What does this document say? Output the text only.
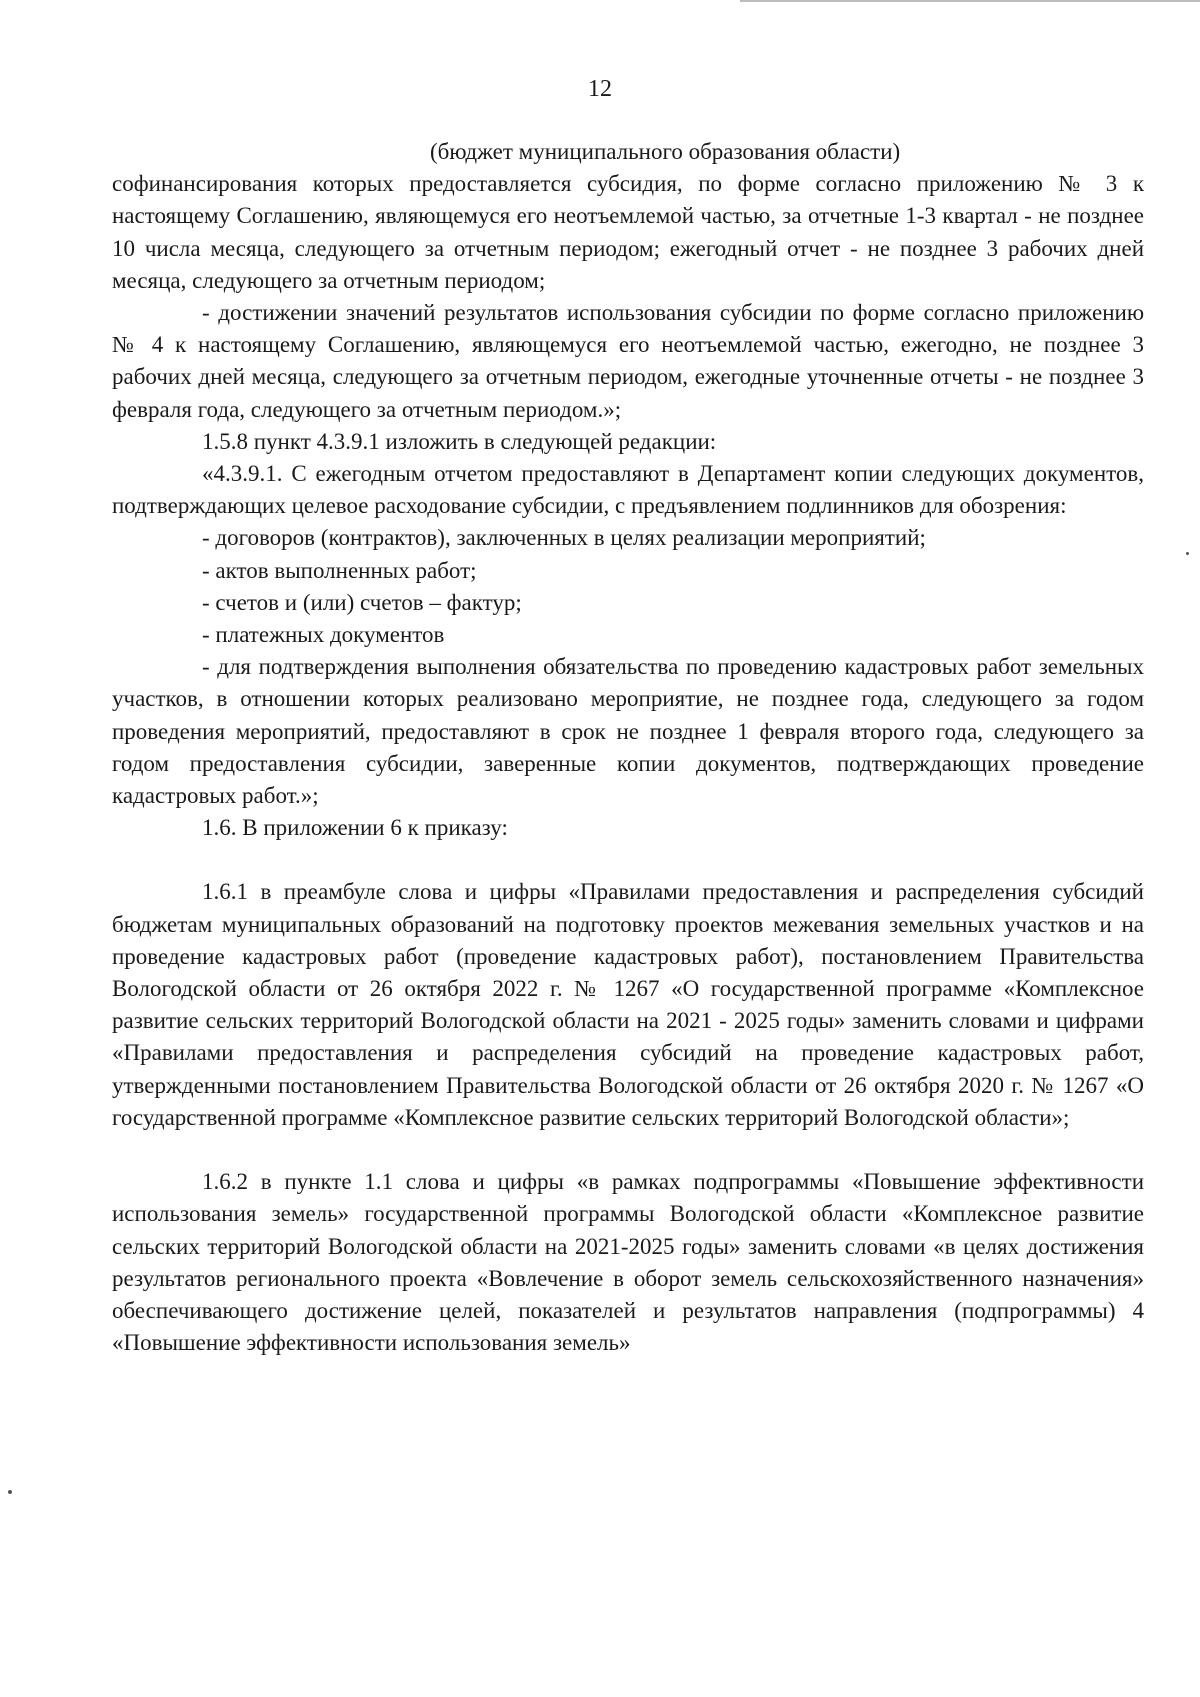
12

(бюджет муниципального образования области)

софинансирования которых предоставляется субсидия, по форме согласно приложению № 3 к настоящему Соглашению, являющемуся его неотъемлемой частью, за отчетные 1-3 квартал - не позднее 10 числа месяца, следующего за отчетным периодом; ежегодный отчет - не позднее 3 рабочих дней месяца, следующего за отчетным периодом;

- достижении значений результатов использования субсидии по форме согласно приложению № 4 к настоящему Соглашению, являющемуся его неотъемлемой частью, ежегодно, не позднее 3 рабочих дней месяца, следующего за отчетным периодом, ежегодные уточненные отчеты - не позднее 3 февраля года, следующего за отчетным периодом.»;

1.5.8 пункт 4.3.9.1 изложить в следующей редакции:

«4.3.9.1. С ежегодным отчетом предоставляют в Департамент копии следующих документов, подтверждающих целевое расходование субсидии, с предъявлением подлинников для обозрения:

- договоров (контрактов), заключенных в целях реализации мероприятий;

- актов выполненных работ;

- счетов и (или) счетов – фактур;

- платежных документов

- для подтверждения выполнения обязательства по проведению кадастровых работ земельных участков, в отношении которых реализовано мероприятие, не позднее года, следующего за годом проведения мероприятий, предоставляют в срок не позднее 1 февраля второго года, следующего за годом предоставления субсидии, заверенные копии документов, подтверждающих проведение кадастровых работ.»;

1.6. В приложении 6 к приказу:

1.6.1 в преамбуле слова и цифры «Правилами предоставления и распределения субсидий бюджетам муниципальных образований на подготовку проектов межевания земельных участков и на проведение кадастровых работ (проведение кадастровых работ), постановлением Правительства Вологодской области от 26 октября 2022 г. № 1267 «О государственной программе «Комплексное развитие сельских территорий Вологодской области на 2021 - 2025 годы» заменить словами и цифрами «Правилами предоставления и распределения субсидий на проведение кадастровых работ, утвержденными постановлением Правительства Вологодской области от 26 октября 2020 г. № 1267 «О государственной программе «Комплексное развитие сельских территорий Вологодской области»;

1.6.2 в пункте 1.1 слова и цифры «в рамках подпрограммы «Повышение эффективности использования земель» государственной программы Вологодской области «Комплексное развитие сельских территорий Вологодской области на 2021-2025 годы» заменить словами «в целях достижения результатов регионального проекта «Вовлечение в оборот земель сельскохозяйственного назначения» обеспечивающего достижение целей, показателей и результатов направления (подпрограммы) 4 «Повышение эффективности использования земель»
